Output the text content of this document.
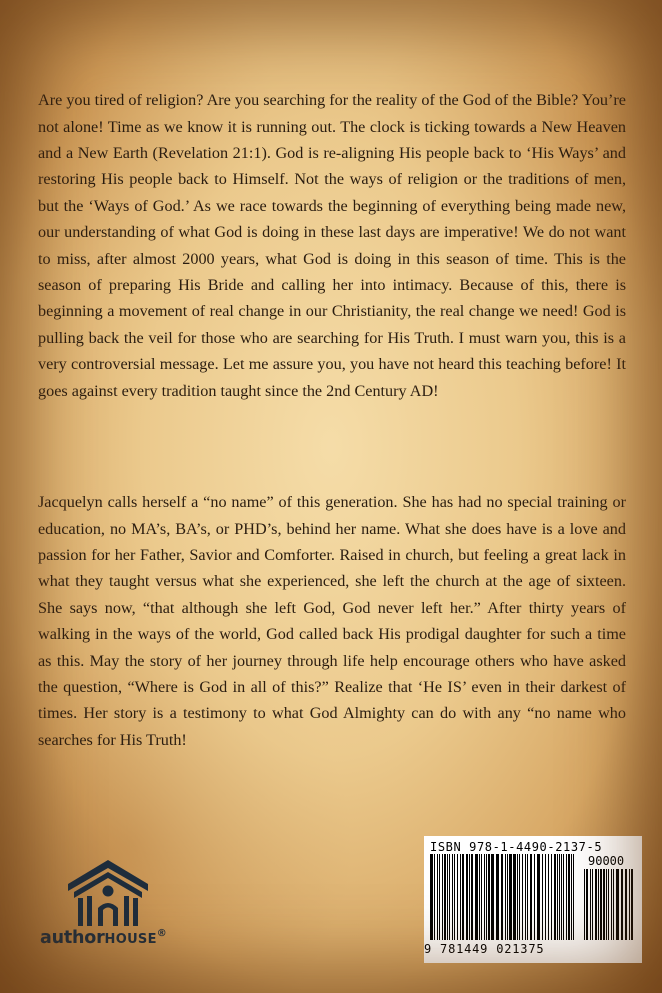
Are you tired of religion? Are you searching for the reality of the God of the Bible? You’re not alone! Time as we know it is running out. The clock is ticking towards a New Heaven and a New Earth (Revelation 21:1). God is re-aligning His people back to ‘His Ways’ and restoring His people back to Himself. Not the ways of religion or the traditions of men, but the ‘Ways of God.’ As we race towards the beginning of everything being made new, our understanding of what God is doing in these last days are imperative! We do not want to miss, after almost 2000 years, what God is doing in this season of time. This is the season of preparing His Bride and calling her into intimacy. Because of this, there is beginning a movement of real change in our Christianity, the real change we need! God is pulling back the veil for those who are searching for His Truth. I must warn you, this is a very controversial message. Let me assure you, you have not heard this teaching before! It goes against every tradition taught since the 2nd Century AD!

Jacquelyn calls herself a “no name” of this generation. She has had no special training or education, no MA’s, BA’s, or PHD’s, behind her name. What she does have is a love and passion for her Father, Savior and Comforter. Raised in church, but feeling a great lack in what they taught versus what she experienced, she left the church at the age of sixteen. She says now, “that although she left God, God never left her.” After thirty years of walking in the ways of the world, God called back His prodigal daughter for such a time as this. May the story of her journey through life help encourage others who have asked the question, “Where is God in all of this?” Realize that ‘He IS’ even in their darkest of times. Her story is a testimony to what God Almighty can do with any “no name who searches for His Truth!

authorHOUSE®
ISBN 978-1-4490-2137-5
90000
9 781449 021375
